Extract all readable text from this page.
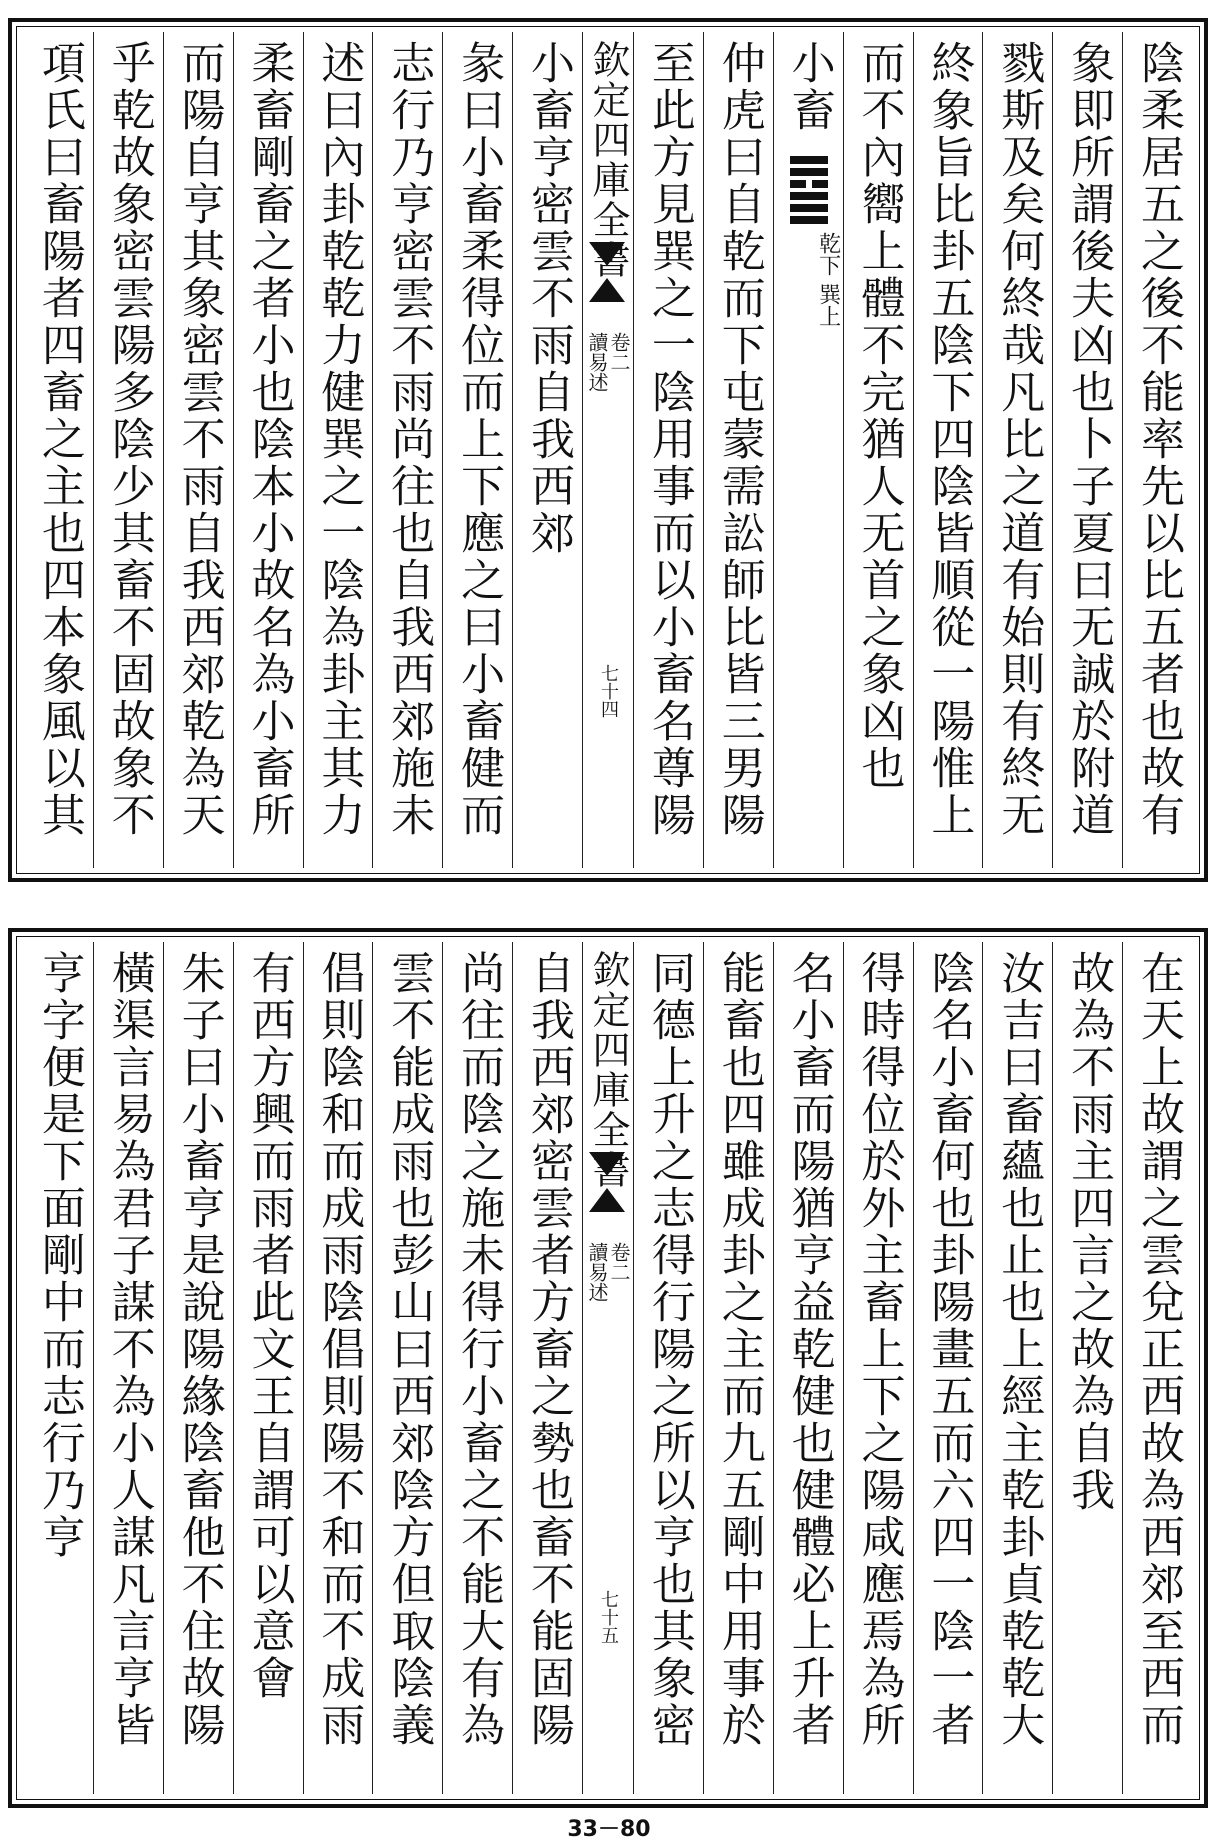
陰柔居五之後不能率先以比五者也故有
象即所謂後夫凶也卜子夏曰无誠於附道
戮斯及矣何終哉凡比之道有始則有終无
終象旨比卦五陰下四陰皆順從一陽惟上
而不內嚮上體不完猶人无首之象凶也
小畜
乾下 巽上
仲虎曰自乾而下屯蒙需訟師比皆三男陽
至此方見巽之一陰用事而以小畜名尊陽
欽定四庫全書
讀易述
卷二
七十四
小畜亨密雲不雨自我西郊
彖曰小畜柔得位而上下應之曰小畜健而
志行乃亨密雲不雨尚往也自我西郊施未
述曰內卦乾乾力健巽之一陰為卦主其力
柔畜剛畜之者小也陰本小故名為小畜所
而陽自亨其象密雲不雨自我西郊乾為天
乎乾故象密雲陽多陰少其畜不固故象不
項氏曰畜陽者四畜之主也四本象風以其
在天上故謂之雲兌正西故為西郊至西而
故為不雨主四言之故為自我
汝吉曰畜蘊也止也上經主乾卦貞乾乾大
陰名小畜何也卦陽畫五而六四一陰一者
得時得位於外主畜上下之陽咸應焉為所
名小畜而陽猶亨益乾健也健體必上升者
能畜也四雖成卦之主而九五剛中用事於
同德上升之志得行陽之所以亨也其象密
欽定四庫全書
讀易述
卷二
七十五
自我西郊密雲者方畜之勢也畜不能固陽
尚往而陰之施未得行小畜之不能大有為
雲不能成雨也彭山曰西郊陰方但取陰義
倡則陰和而成雨陰倡則陽不和而不成雨
有西方興而雨者此文王自謂可以意會
朱子曰小畜亨是說陽緣陰畜他不住故陽
橫渠言易為君子謀不為小人謀凡言亨皆
亨字便是下面剛中而志行乃亨
33－80
